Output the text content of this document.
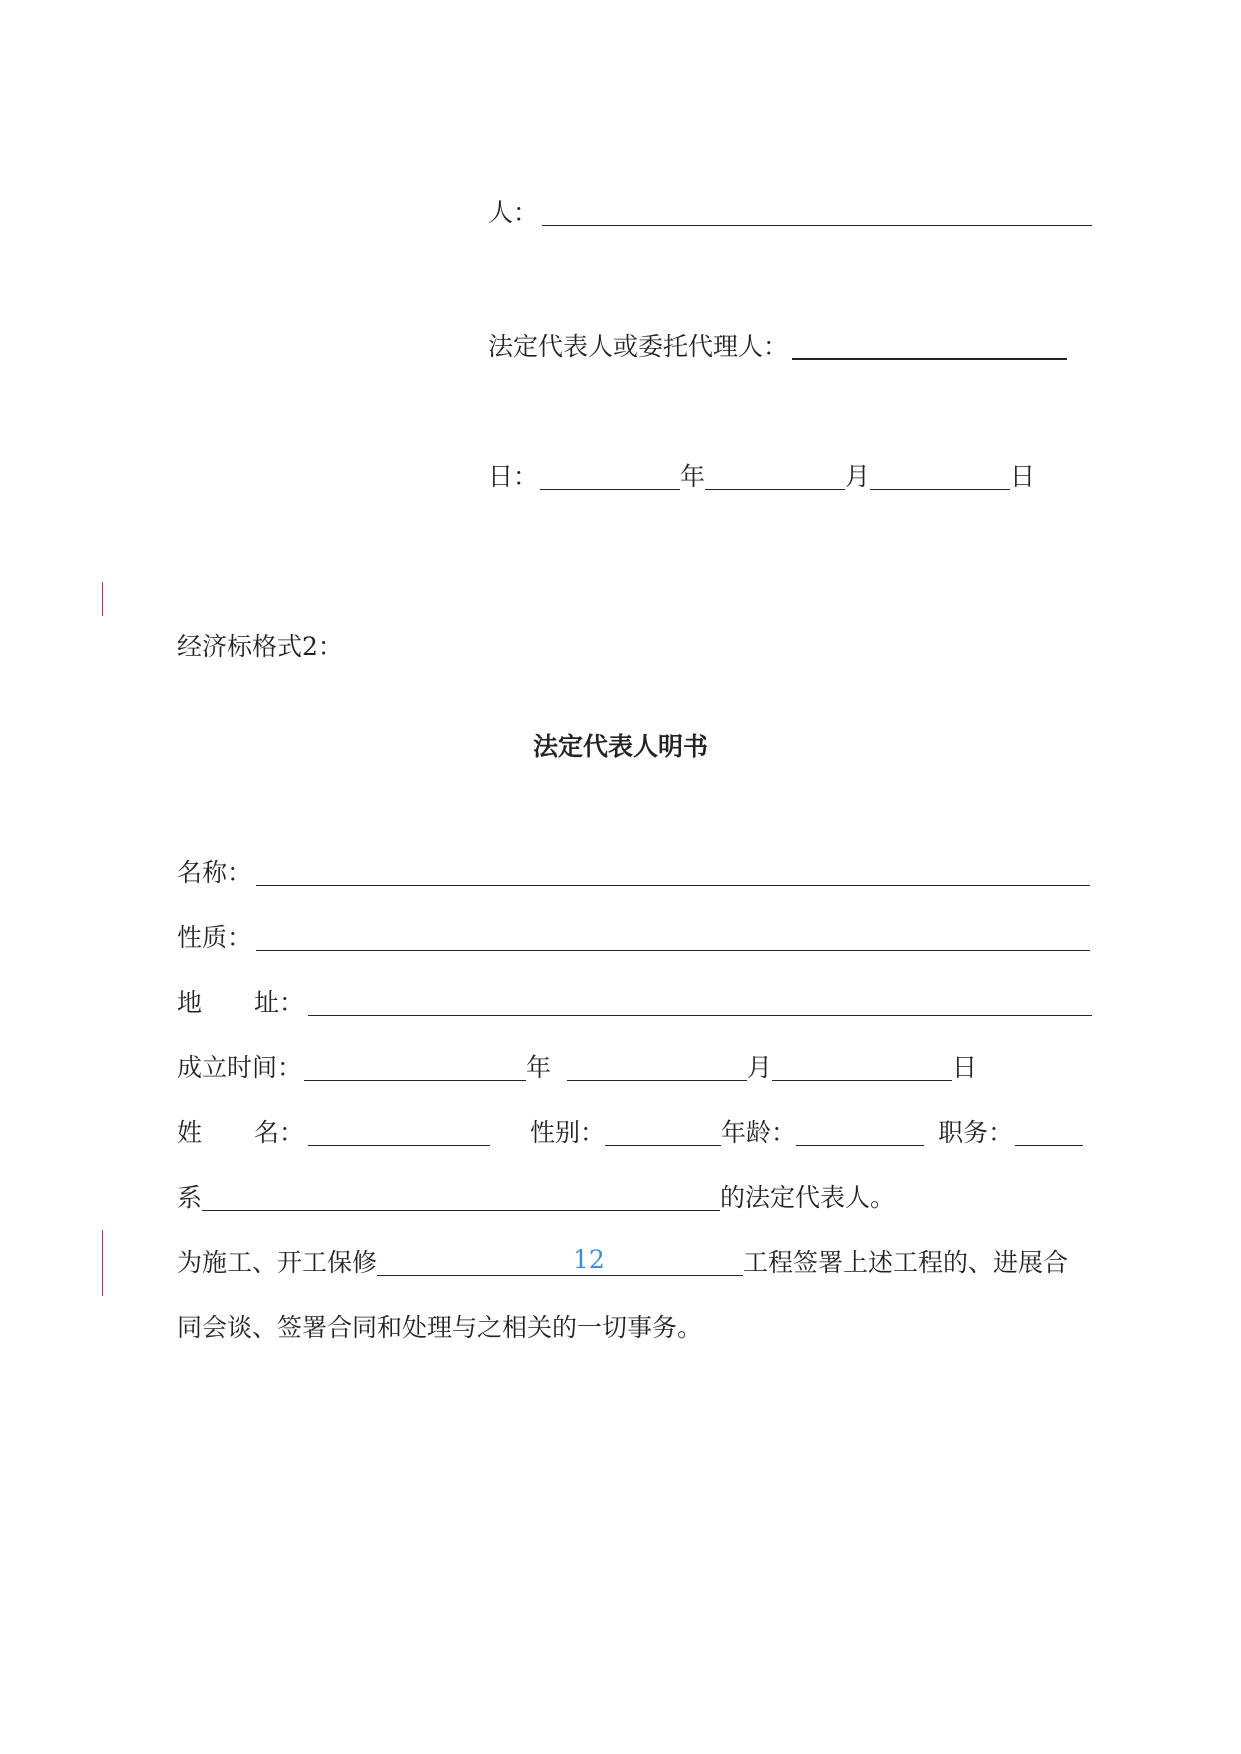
人：
法定代表人或委托代理人：
日：	年	月	日
经济标格式2：
法定代表人明书
名称：
性质：
地 址：
成立时间：	年	月	日
姓 名：	性别：	年龄：	职务：
系	的法定代表人。
为施工、开工保修	12	工程签署上述工程的、进展合
同会谈、签署合同和处理与之相关的一切事务。
